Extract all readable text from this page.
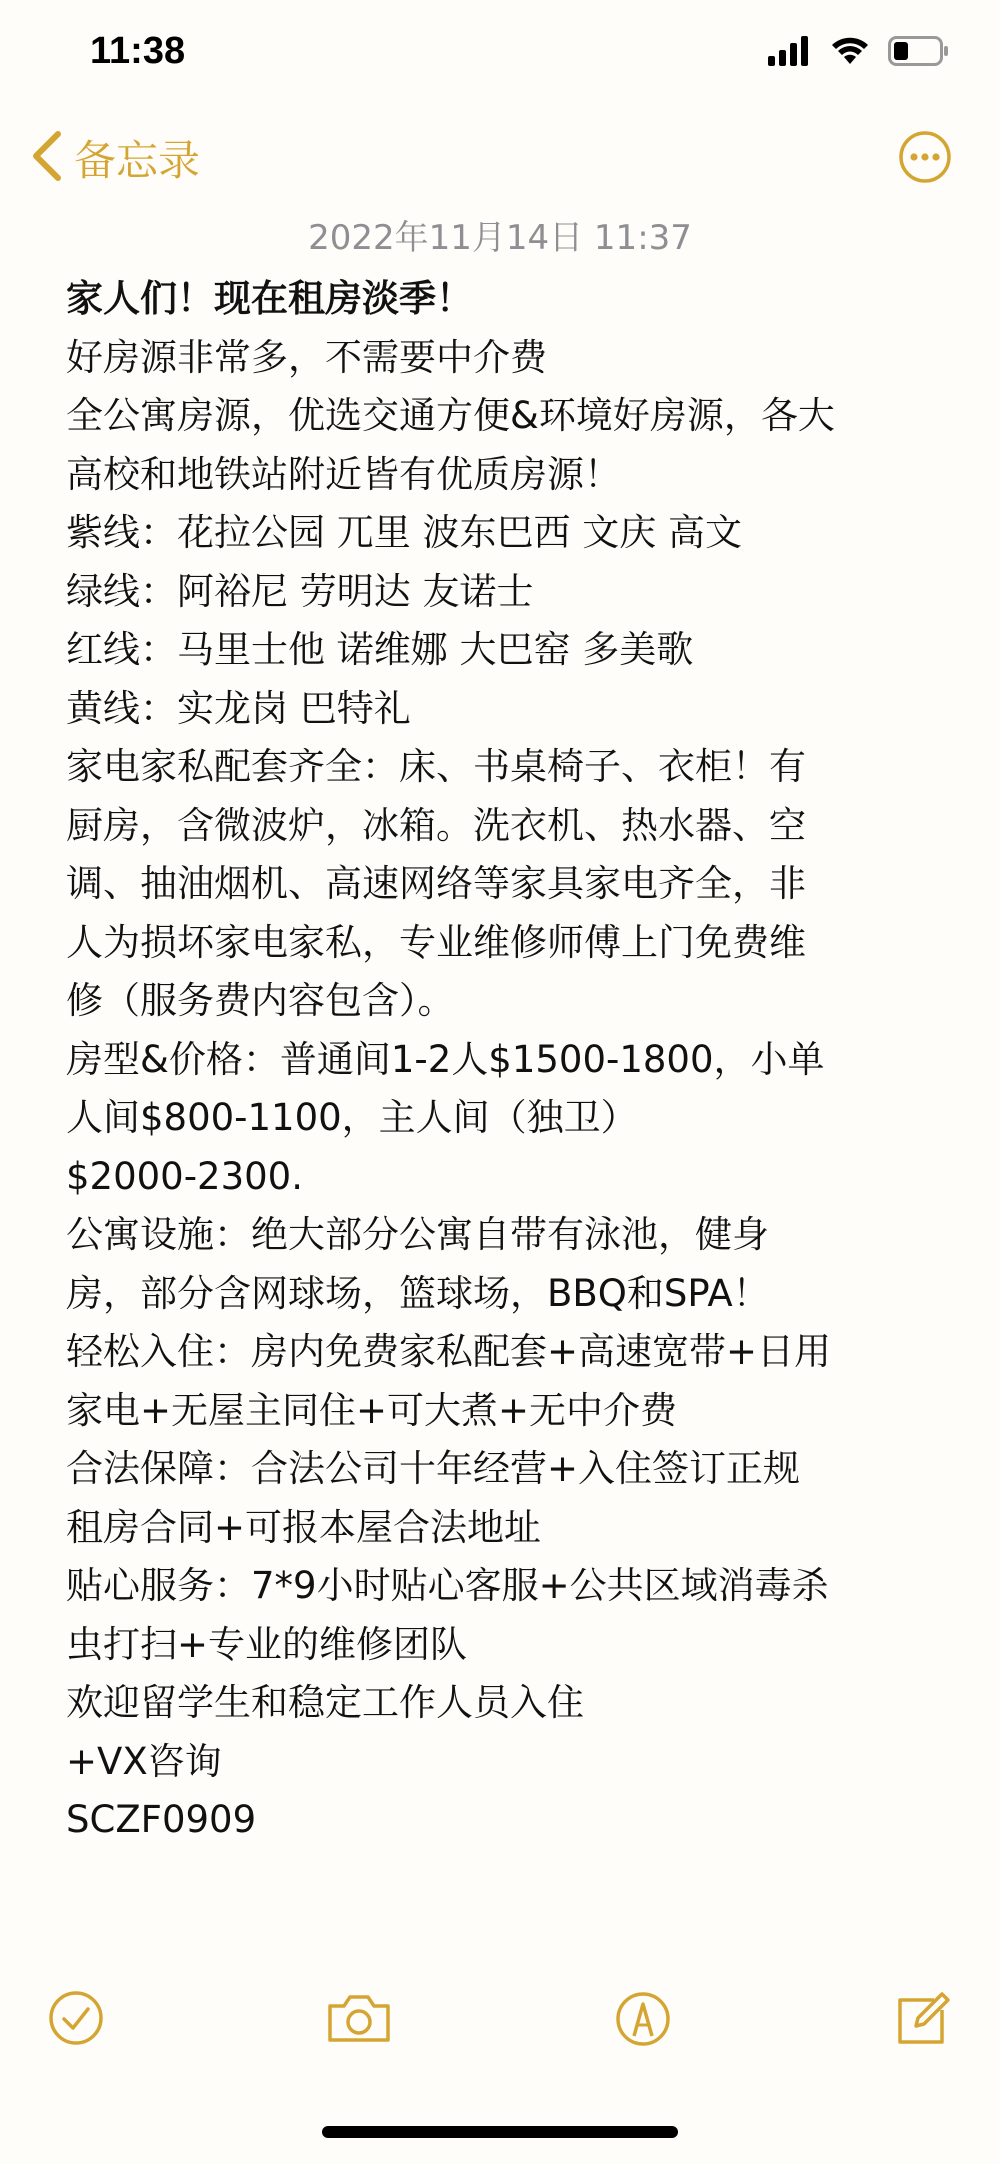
11:38
备忘录
2022年11月14日 11:37
家人们！现在租房淡季！
好房源非常多，不需要中介费
全公寓房源，优选交通方便&环境好房源，各大
高校和地铁站附近皆有优质房源！
紫线：花拉公园 兀里 波东巴西 文庆 高文
绿线：阿裕尼 劳明达 友诺士
红线：马里士他 诺维娜 大巴窑 多美歌
黄线：实龙岗 巴特礼
家电家私配套齐全：床、书桌椅子、衣柜！有
厨房，含微波炉，冰箱。洗衣机、热水器、空
调、抽油烟机、高速网络等家具家电齐全，非
人为损坏家电家私，专业维修师傅上门免费维
修（服务费内容包含）。
房型&价格：普通间1-2人$1500-1800，小单
人间$800-1100，主人间（独卫）
$2000-2300.
公寓设施：绝大部分公寓自带有泳池，健身
房，部分含网球场，篮球场，BBQ和SPA！
轻松入住：房内免费家私配套+高速宽带+日用
家电+无屋主同住+可大煮+无中介费
合法保障：合法公司十年经营+入住签订正规
租房合同+可报本屋合法地址
贴心服务：7*9小时贴心客服+公共区域消毒杀
虫打扫+专业的维修团队
欢迎留学生和稳定工作人员入住
+VX咨询
SCZF0909
